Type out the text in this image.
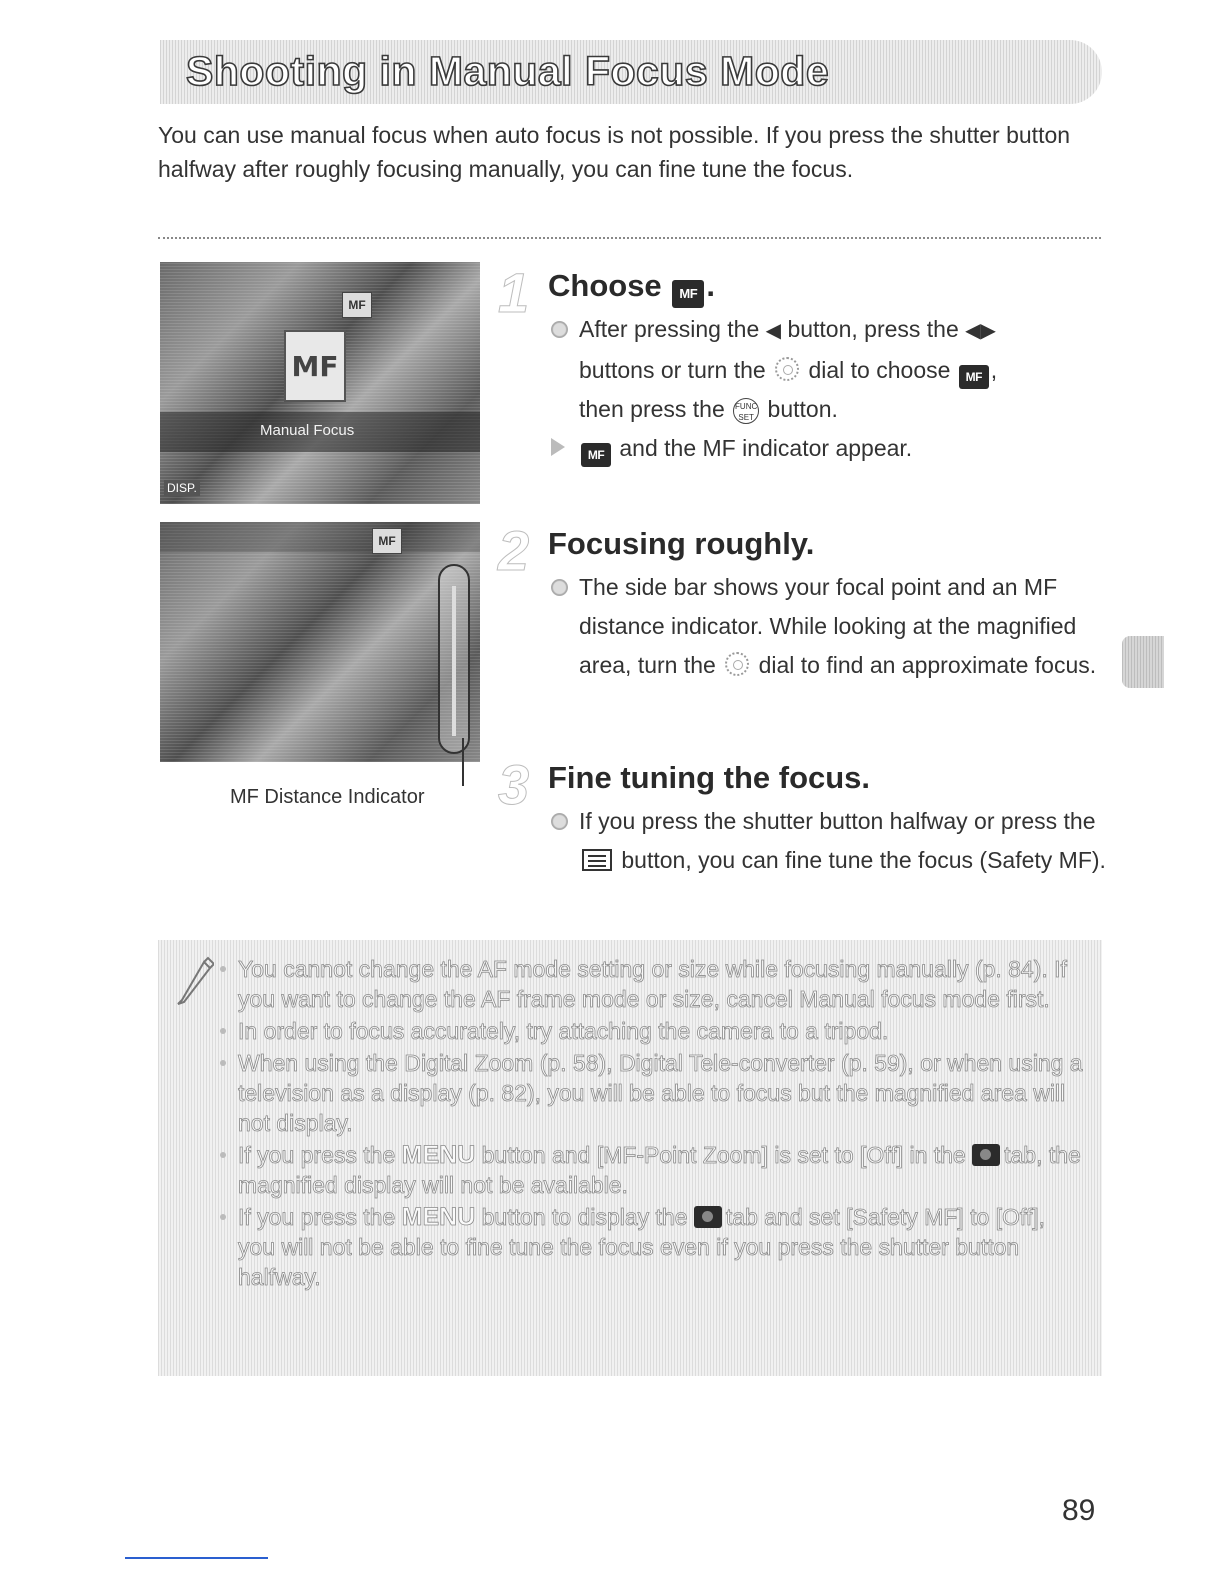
Shooting in Manual Focus Mode

You can use manual focus when auto focus is not possible. If you press the shutter button halfway after roughly focusing manually, you can fine tune the focus.

MF
MF
Manual Focus
DISP.
MF
MF Distance Indicator
1 Choose MF .
After pressing the ◀ button, press the ◀▶
buttons or turn the dial to choose MF ,
then press the FUNC SET button.

MF and the MF indicator appear.
2 Focusing roughly.
The side bar shows your focal point and an MF distance indicator. While looking at the magnified area, turn the dial to find an approximate focus.
3 Fine tuning the focus.
If you press the shutter button halfway or press the  button, you can fine tune the focus (Safety MF).
You cannot change the AF mode setting or size while focusing manually (p. 84). If you want to change the AF frame mode or size, cancel Manual focus mode first.
In order to focus accurately, try attaching the camera to a tripod.
When using the Digital Zoom (p. 58), Digital Tele-converter (p. 59), or when using a television as a display (p. 82), you will be able to focus but the magnified area will not display.
If you press the MENU button and [MF-Point Zoom] is set to [Off] in the tab, the magnified display will not be available.
If you press the MENU button to display the tab and set [Safety MF] to [Off], you will not be able to fine tune the focus even if you press the shutter button halfway.
89
